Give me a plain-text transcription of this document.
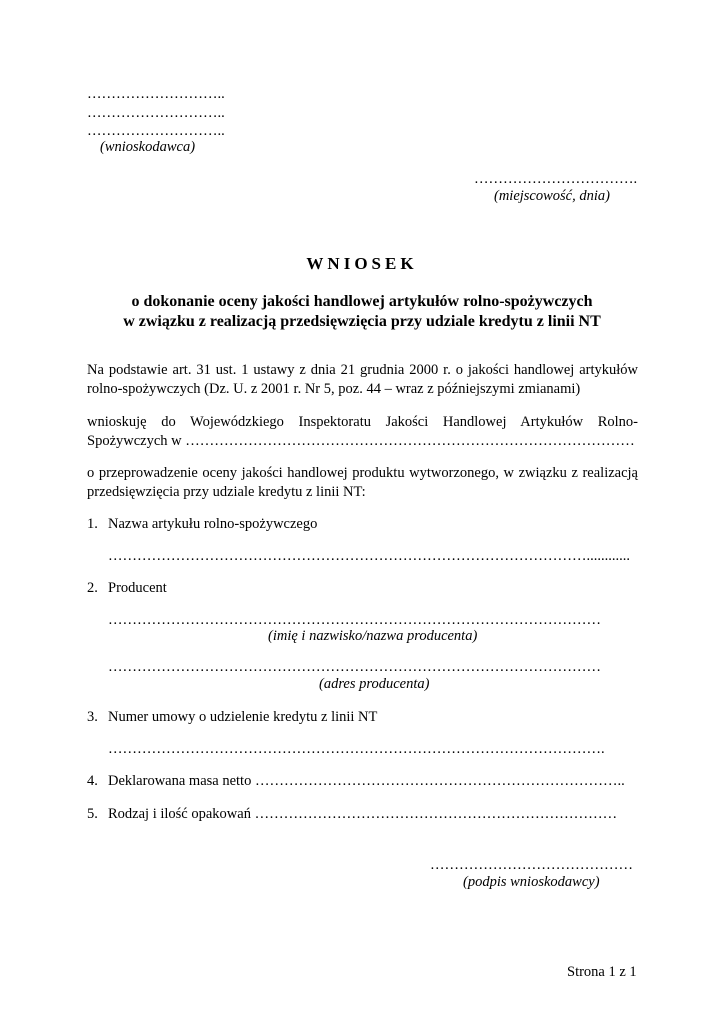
………………………..
………………………..
………………………..
(wnioskodawca)
…………………………….
(miejscowość, dnia)
WNIOSEK
o dokonanie oceny jakości handlowej artykułów rolno-spożywczych
w związku z realizacją przedsięwzięcia przy udziale kredytu z linii NT
Na podstawie art. 31 ust. 1 ustawy z dnia 21 grudnia 2000 r. o jakości handlowej artykułów rolno-spożywczych (Dz. U. z 2001 r. Nr 5, poz. 44 – wraz z późniejszymi zmianami)
wnioskuję do Wojewódzkiego Inspektoratu Jakości Handlowej Artykułów Rolno-Spożywczych w …………………………………………………………………………………
o przeprowadzenie oceny jakości handlowej produktu wytworzonego, w związku z realizacją przedsięwzięcia przy udziale kredytu z linii NT:
1. Nazwa artykułu rolno-spożywczego
………………………………………………………………………………………............
2. Producent
…………………………………………………………………………………………
(imię i nazwisko/nazwa producenta)
…………………………………………………………………………………………
(adres producenta)
3. Numer umowy o udzielenie kredytu z linii NT
………………………………………………………………………………………….
4. Deklarowana masa netto …………………………………………………………………..
5. Rodzaj i ilość opakowań …………………………………………………………………
……………………………………
(podpis wnioskodawcy)
Strona 1 z 1
